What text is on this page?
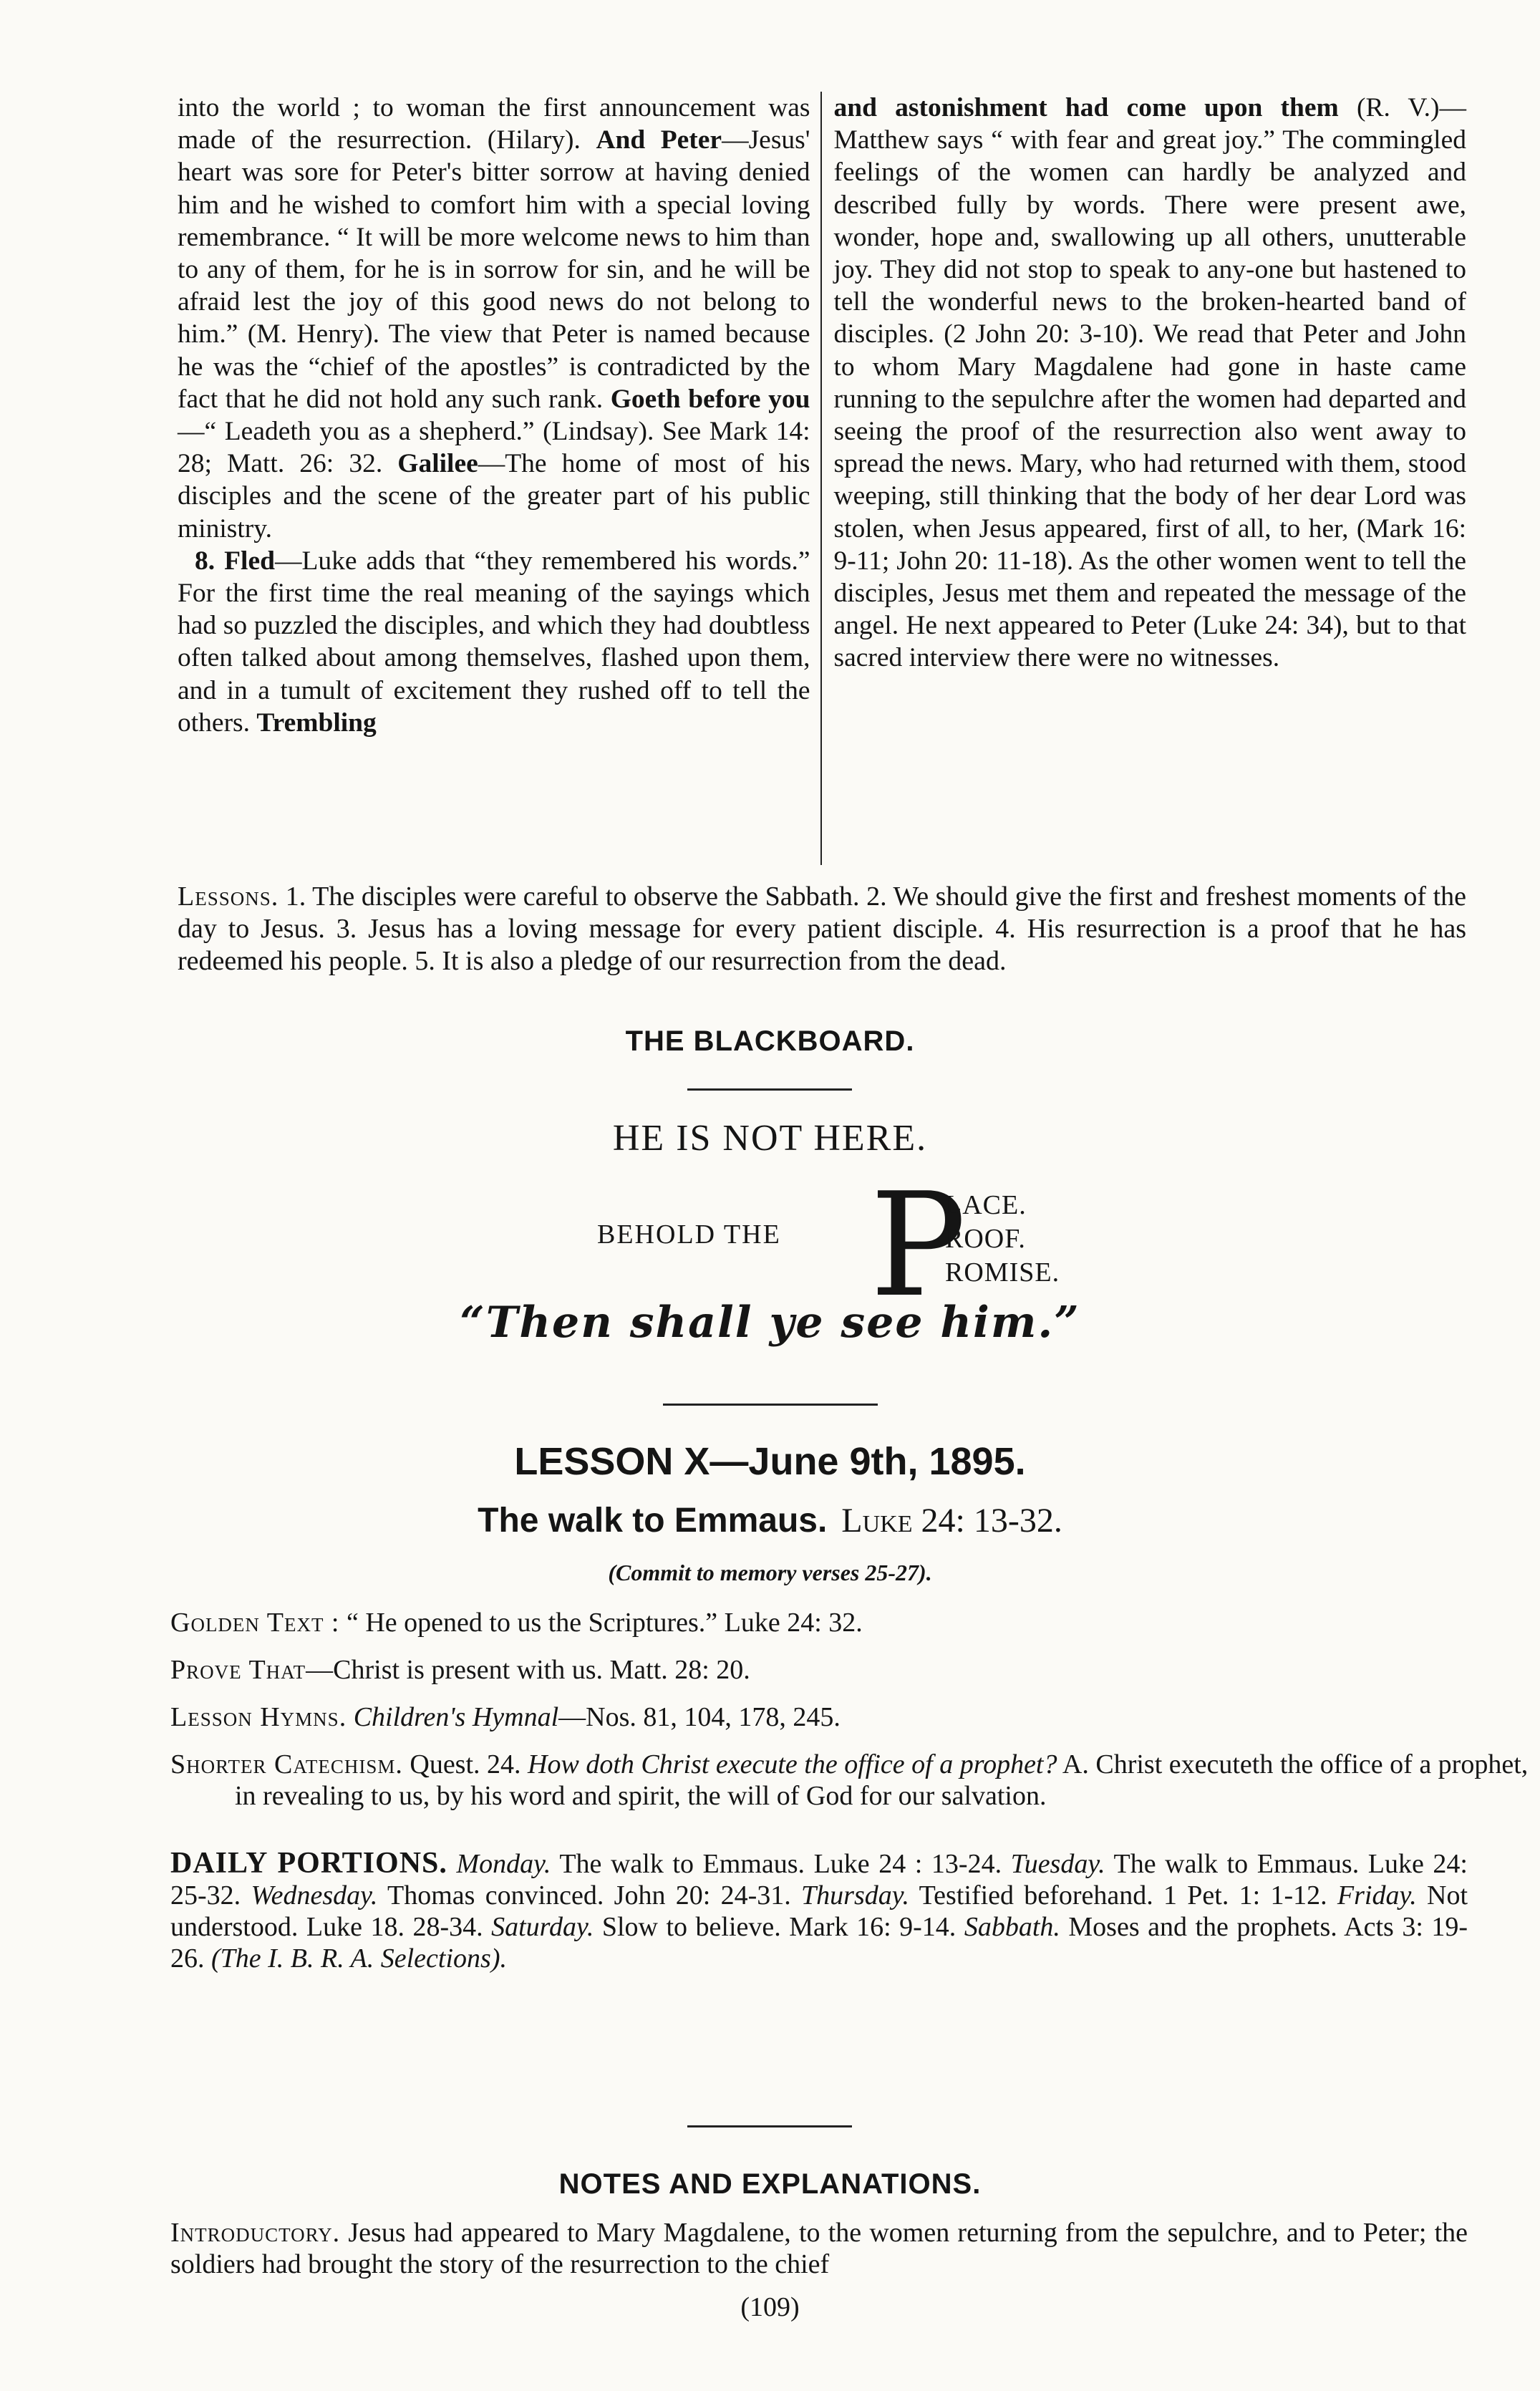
into the world ; to woman the first announcement was made of the resurrection. (Hilary). And Peter—Jesus' heart was sore for Peter's bitter sorrow at having denied him and he wished to comfort him with a special loving remembrance. “ It will be more welcome news to him than to any of them, for he is in sorrow for sin, and he will be afraid lest the joy of this good news do not belong to him.” (M. Henry). The view that Peter is named because he was the “chief of the apostles” is contradicted by the fact that he did not hold any such rank. Goeth before you—“ Leadeth you as a shepherd.” (Lindsay). See Mark 14: 28; Matt. 26: 32. Galilee—The home of most of his disciples and the scene of the greater part of his public ministry.

8. Fled—Luke adds that “they remembered his words.” For the first time the real meaning of the sayings which had so puzzled the disciples, and which they had doubtless often talked about among themselves, flashed upon them, and in a tumult of excitement they rushed off to tell the others. Trembling

and astonishment had come upon them (R. V.)—Matthew says “ with fear and great joy.” The commingled feelings of the women can hardly be analyzed and described fully by words. There were present awe, wonder, hope and, swallowing up all others, unutterable joy. They did not stop to speak to any-one but hastened to tell the wonderful news to the broken-hearted band of disciples. (2 John 20: 3-10). We read that Peter and John to whom Mary Magdalene had gone in haste came running to the sepulchre after the women had departed and seeing the proof of the resurrection also went away to spread the news. Mary, who had returned with them, stood weeping, still thinking that the body of her dear Lord was stolen, when Jesus appeared, first of all, to her, (Mark 16: 9-11; John 20: 11-18). As the other women went to tell the disciples, Jesus met them and repeated the message of the angel. He next appeared to Peter (Luke 24: 34), but to that sacred interview there were no witnesses.

Lessons. 1. The disciples were careful to observe the Sabbath. 2. We should give the first and freshest moments of the day to Jesus. 3. Jesus has a loving message for every patient disciple. 4. His resurrection is a proof that he has redeemed his people. 5. It is also a pledge of our resurrection from the dead.

THE BLACKBOARD.
HE IS NOT HERE.
BEHOLD THE P
LACE.
ROOF.
ROMISE.
“Then shall ye see him.”
LESSON X—June 9th, 1895.
The walk to Emmaus. Luke 24: 13-32.
(Commit to memory verses 25-27).

Golden Text : “ He opened to us the Scriptures.” Luke 24: 32.

Prove That—Christ is present with us. Matt. 28: 20.

Lesson Hymns. Children's Hymnal—Nos. 81, 104, 178, 245.

Shorter Catechism. Quest. 24. How doth Christ execute the office of a prophet? A. Christ executeth the office of a prophet, in revealing to us, by his word and spirit, the will of God for our salvation.

DAILY PORTIONS. Monday. The walk to Emmaus. Luke 24 : 13-24. Tuesday. The walk to Emmaus. Luke 24: 25-32. Wednesday. Thomas convinced. John 20: 24-31. Thursday. Testified beforehand. 1 Pet. 1: 1-12. Friday. Not understood. Luke 18. 28-34. Saturday. Slow to believe. Mark 16: 9-14. Sabbath. Moses and the prophets. Acts 3: 19-26. (The I. B. R. A. Selections).

NOTES AND EXPLANATIONS.

Introductory. Jesus had appeared to Mary Magdalene, to the women returning from the sepulchre, and to Peter; the soldiers had brought the story of the resurrection to the chief

(109)
